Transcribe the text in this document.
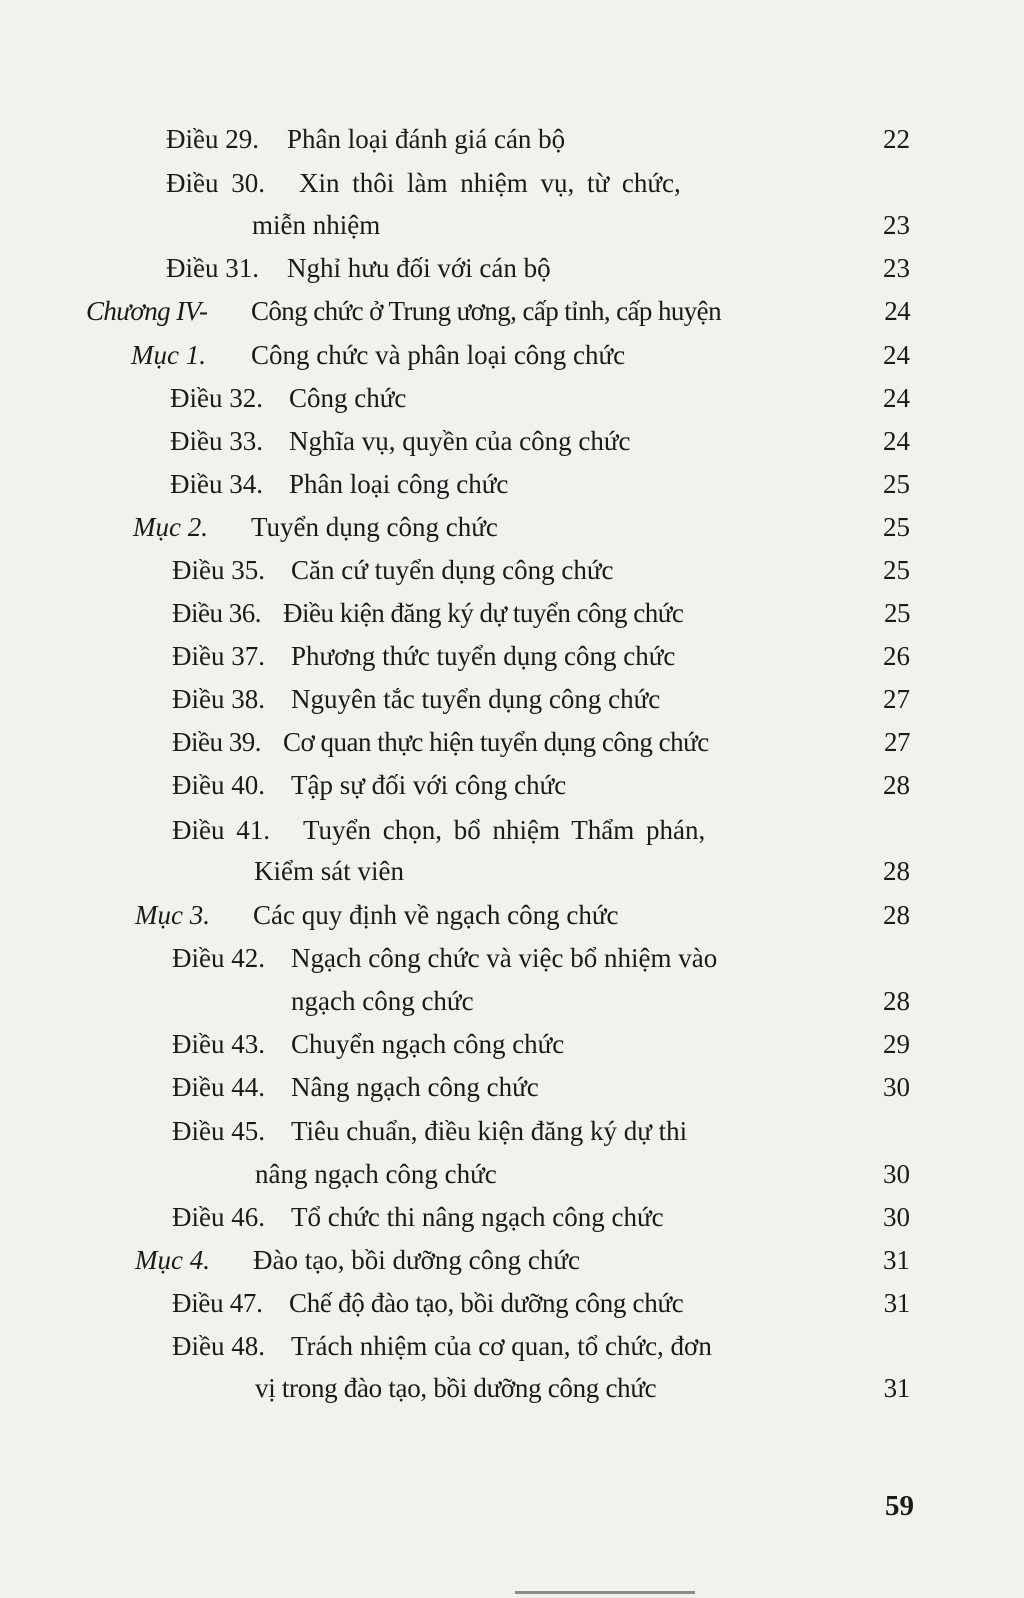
Điều 29. Phân loại đánh giá cán bộ	22
Điều 30. Xin thôi làm nhiệm vụ, từ chức,
miễn nhiệm	23
Điều 31. Nghỉ hưu đối với cán bộ	23
Chương IV- Công chức ở Trung ương, cấp tỉnh, cấp huyện	24
Mục 1. Công chức và phân loại công chức	24
Điều 32. Công chức	24
Điều 33. Nghĩa vụ, quyền của công chức	24
Điều 34. Phân loại công chức	25
Mục 2. Tuyển dụng công chức	25
Điều 35. Căn cứ tuyển dụng công chức	25
Điều 36. Điều kiện đăng ký dự tuyển công chức	25
Điều 37. Phương thức tuyển dụng công chức	26
Điều 38. Nguyên tắc tuyển dụng công chức	27
Điều 39. Cơ quan thực hiện tuyển dụng công chức	27
Điều 40. Tập sự đối với công chức	28
Điều 41. Tuyển chọn, bổ nhiệm Thẩm phán,
Kiểm sát viên	28
Mục 3. Các quy định về ngạch công chức	28
Điều 42. Ngạch công chức và việc bổ nhiệm vào
ngạch công chức	28
Điều 43. Chuyển ngạch công chức	29
Điều 44. Nâng ngạch công chức	30
Điều 45. Tiêu chuẩn, điều kiện đăng ký dự thi
nâng ngạch công chức	30
Điều 46. Tổ chức thi nâng ngạch công chức	30
Mục 4. Đào tạo, bồi dưỡng công chức	31
Điều 47. Chế độ đào tạo, bồi dưỡng công chức	31
Điều 48. Trách nhiệm của cơ quan, tổ chức, đơn
vị trong đào tạo, bồi dưỡng công chức	31
59
